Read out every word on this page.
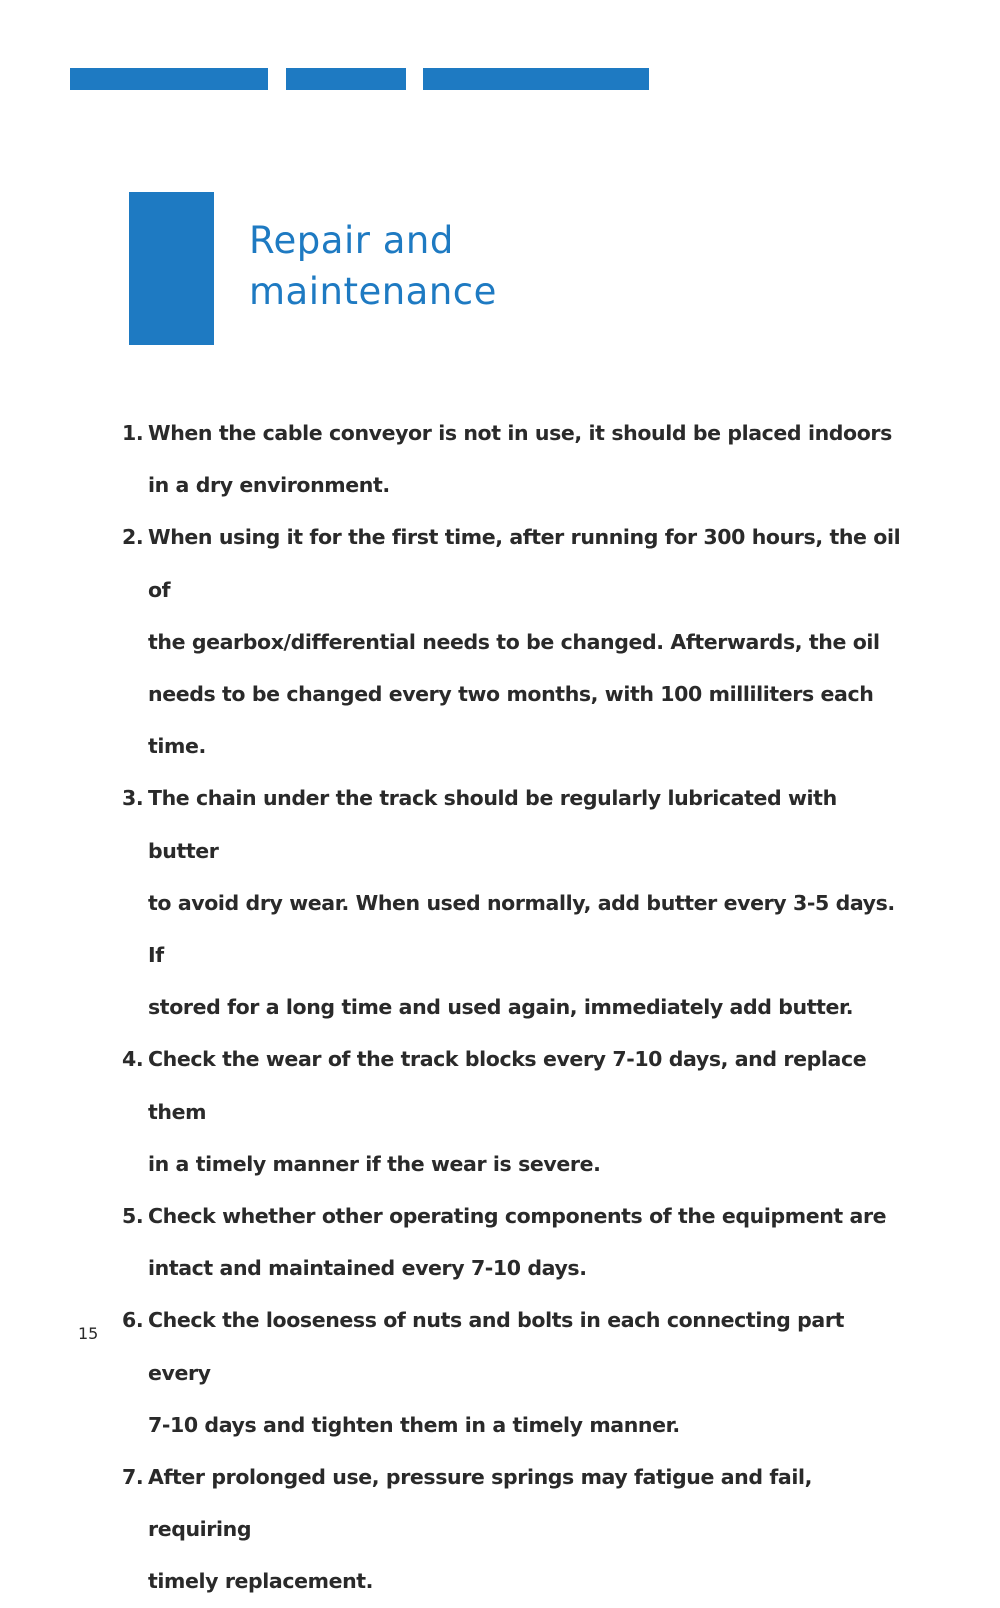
Repair and
maintenance
1. When the cable conveyor is not in use, it should be placed indoors
in a dry environment.
2. When using it for the first time, after running for 300 hours, the oil of
the gearbox/differential needs to be changed. Afterwards, the oil
needs to be changed every two months, with 100 milliliters each time.
3. The chain under the track should be regularly lubricated with butter
to avoid dry wear. When used normally, add butter every 3-5 days. If
stored for a long time and used again, immediately add butter.
4. Check the wear of the track blocks every 7-10 days, and replace them
in a timely manner if the wear is severe.
5. Check whether other operating components of the equipment are
intact and maintained every 7-10 days.
6. Check the looseness of nuts and bolts in each connecting part every
7-10 days and tighten them in a timely manner.
7. After prolonged use, pressure springs may fatigue and fail, requiring
timely replacement.
15
